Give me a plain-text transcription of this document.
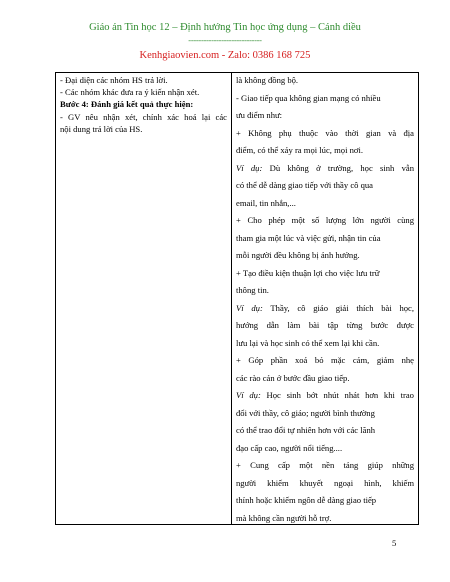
Giáo án Tin học 12 – Định hướng Tin học ứng dụng – Cánh diều
-----------------------------
Kenhgiaovien.com - Zalo: 0386 168 725
- Đại diện các nhóm HS trả lời.
- Các nhóm khác đưa ra ý kiến nhận xét.
Bước 4: Đánh giá kết quả thực hiện:
- GV nêu nhận xét, chính xác hoá lại các
nội dung trả lời của HS.

là không đồng bộ.
- Giao tiếp qua không gian mạng có nhiều
ưu điểm như:
+ Không phụ thuộc vào thời gian và địa
điểm, có thể xảy ra mọi lúc, mọi nơi.
Ví dụ: Dù không ở trường, học sinh vẫn
có thể dễ dàng giao tiếp với thầy cô qua
email, tin nhắn,...
+ Cho phép một số lượng lớn người cùng
tham gia một lúc và việc gửi, nhận tin của
mỗi người đều không bị ảnh hưởng.
+ Tạo điều kiện thuận lợi cho việc lưu trữ
thông tin.
Ví dụ: Thầy, cô giáo giải thích bài học,
hướng dẫn làm bài tập từng bước được
lưu lại và học sinh có thể xem lại khi cần.
+ Góp phần xoá bỏ mặc cảm, giảm nhẹ
các rào cản ở bước đầu giao tiếp.
Ví dụ: Học sinh bớt nhút nhát hơn khi trao
đổi với thầy, cô giáo; người bình thường
có thể trao đổi tự nhiên hơn với các lãnh
đạo cấp cao, người nổi tiếng....
+ Cung cấp một nền tảng giúp những
người khiếm khuyết ngoại hình, khiếm
thính hoặc khiếm ngôn dễ dàng giao tiếp
mà không cần người hỗ trợ.
5
